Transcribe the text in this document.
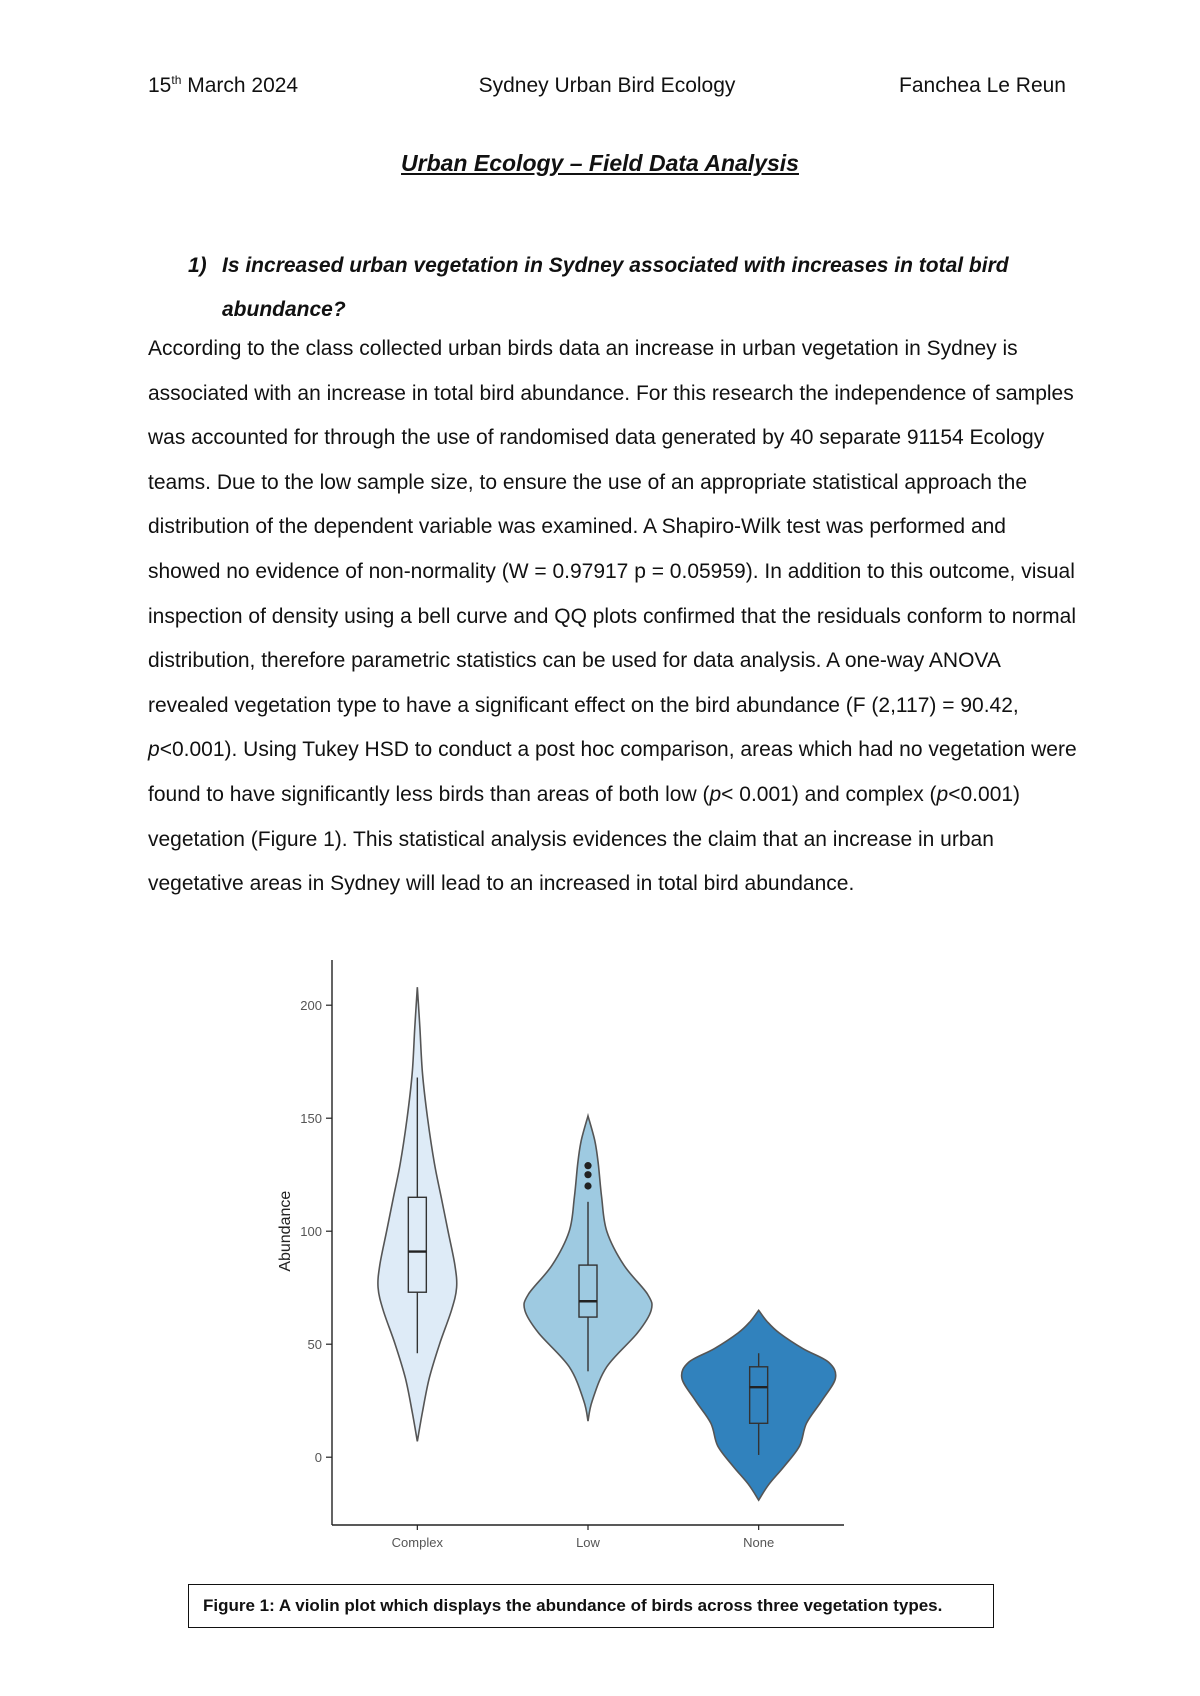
15th March 2024	Sydney Urban Bird Ecology	Fanchea Le Reun
Urban Ecology – Field Data Analysis
1) Is increased urban vegetation in Sydney associated with increases in total bird abundance?

According to the class collected urban birds data an increase in urban vegetation in Sydney is associated with an increase in total bird abundance. For this research the independence of samples was accounted for through the use of randomised data generated by 40 separate 91154 Ecology teams. Due to the low sample size, to ensure the use of an appropriate statistical approach the distribution of the dependent variable was examined. A Shapiro-Wilk test was performed and showed no evidence of non-normality (W = 0.97917 p = 0.05959). In addition to this outcome, visual inspection of density using a bell curve and QQ plots confirmed that the residuals conform to normal distribution, therefore parametric statistics can be used for data analysis. A one-way ANOVA revealed vegetation type to have a significant effect on the bird abundance (F (2,117) = 90.42, p<0.001). Using Tukey HSD to conduct a post hoc comparison, areas which had no vegetation were found to have significantly less birds than areas of both low (p< 0.001) and complex (p<0.001) vegetation (Figure 1). This statistical analysis evidences the claim that an increase in urban vegetative areas in Sydney will lead to an increased in total bird abundance.

0
50
100
150
200
Abundance
Complex	Low	None
Figure 1: A violin plot which displays the abundance of birds across three vegetation types.
